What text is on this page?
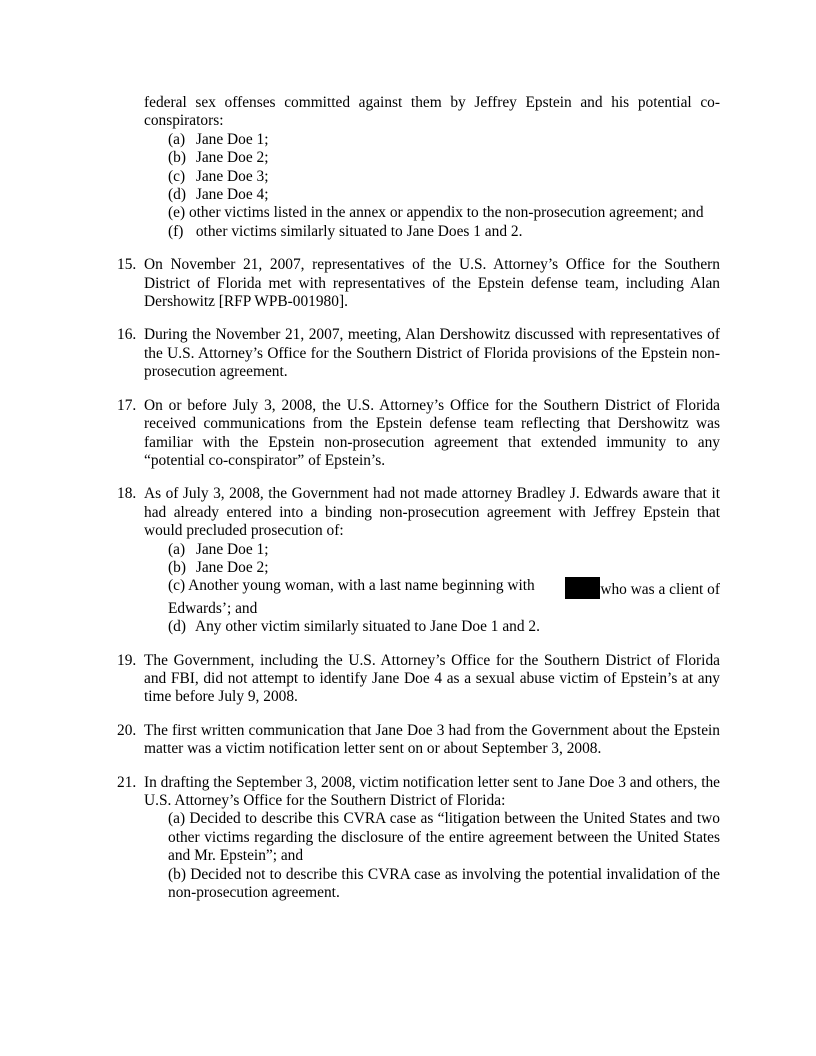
federal sex offenses committed against them by Jeffrey Epstein and his potential co-
conspirators:
(a) Jane Doe 1;
(b) Jane Doe 2;
(c) Jane Doe 3;
(d) Jane Doe 4;
(e) other victims listed in the annex or appendix to the non-prosecution agreement; and
(f) other victims similarly situated to Jane Does 1 and 2.
15. On November 21, 2007, representatives of the U.S. Attorney’s Office for the Southern District of Florida met with representatives of the Epstein defense team, including Alan Dershowitz [RFP WPB-001980].
16. During the November 21, 2007, meeting, Alan Dershowitz discussed with representatives of the U.S. Attorney’s Office for the Southern District of Florida provisions of the Epstein non-prosecution agreement.
17. On or before July 3, 2008, the U.S. Attorney’s Office for the Southern District of Florida received communications from the Epstein defense team reflecting that Dershowitz was familiar with the Epstein non-prosecution agreement that extended immunity to any “potential co-conspirator” of Epstein’s.
18. As of July 3, 2008, the Government had not made attorney Bradley J. Edwards aware that it had already entered into a binding non-prosecution agreement with Jeffrey Epstein that would precluded prosecution of:
(a) Jane Doe 1;
(b) Jane Doe 2;
(c) Another young woman, with a last name beginning with	who was a client of
Edwards’; and
(d) Any other victim similarly situated to Jane Doe 1 and 2.
19. The Government, including the U.S. Attorney’s Office for the Southern District of Florida and FBI, did not attempt to identify Jane Doe 4 as a sexual abuse victim of Epstein’s at any time before July 9, 2008.
20. The first written communication that Jane Doe 3 had from the Government about the Epstein matter was a victim notification letter sent on or about September 3, 2008.
21. In drafting the September 3, 2008, victim notification letter sent to Jane Doe 3 and others, the U.S. Attorney’s Office for the Southern District of Florida:
(a) Decided to describe this CVRA case as “litigation between the United States and two other victims regarding the disclosure of the entire agreement between the United States and Mr. Epstein”; and
(b) Decided not to describe this CVRA case as involving the potential invalidation of the non-prosecution agreement.
